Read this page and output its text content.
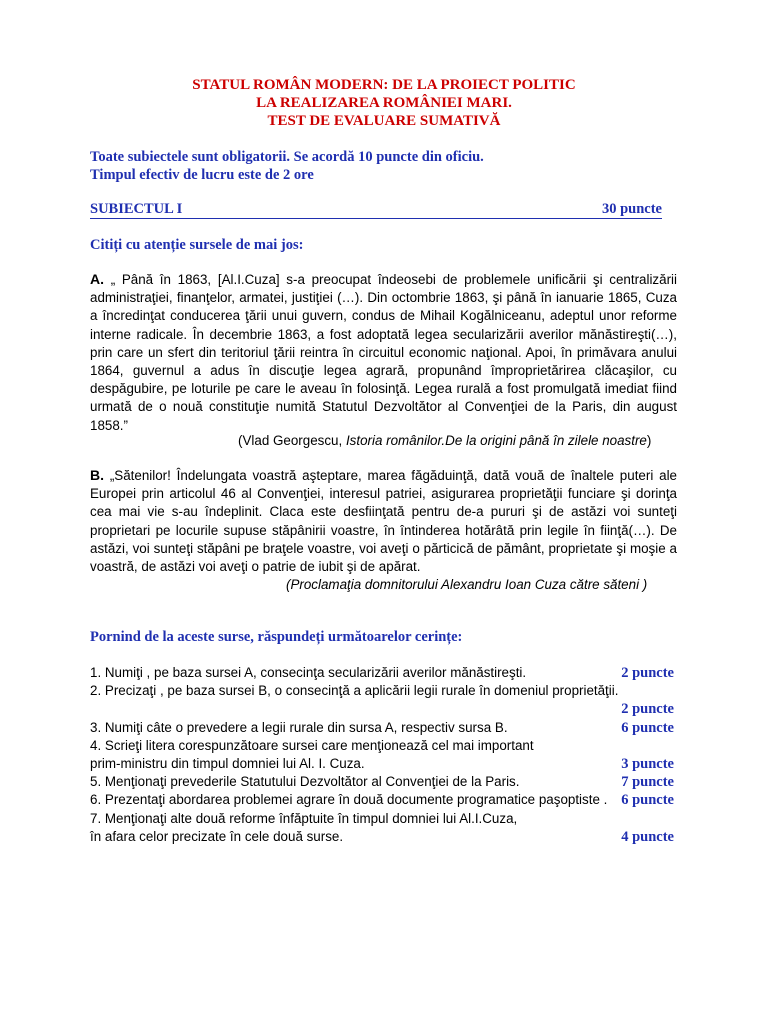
STATUL ROMÂN MODERN: DE LA PROIECT POLITIC
LA REALIZAREA ROMÂNIEI MARI.
TEST DE EVALUARE SUMATIVĂ
Toate subiectele sunt obligatorii. Se acordă 10 puncte din oficiu.
Timpul efectiv de lucru este de 2 ore
SUBIECTUL I	30 puncte
Citiți cu atenție sursele de mai jos:
A. „ Până în 1863, [Al.I.Cuza] s-a preocupat îndeosebi de problemele unificării şi centralizării administraţiei, finanţelor, armatei, justiţiei (…). Din octombrie 1863, şi până în ianuarie 1865, Cuza a încredinţat conducerea ţării unui guvern, condus de Mihail Kogălniceanu, adeptul unor reforme interne radicale. În decembrie 1863, a fost adoptată legea secularizării averilor mănăstireşti(…), prin care un sfert din teritoriul ţării reintra în circuitul economic naţional. Apoi, în primăvara anului 1864, guvernul a adus în discuţie legea agrară, propunând împroprietărirea clăcaşilor, cu despăgubire, pe loturile pe care le aveau în folosinţă. Legea rurală a fost promulgată imediat fiind urmată de o nouă constituţie numită Statutul Dezvoltător al Convenţiei de la Paris, din august 1858.”
(Vlad Georgescu, Istoria românilor.De la origini până în zilele noastre)
B. „Sătenilor! Îndelungata voastră aşteptare, marea făgăduinţă, dată vouă de înaltele puteri ale Europei prin articolul 46 al Convenţiei, interesul patriei, asigurarea proprietăţii funciare şi dorinţa cea mai vie s-au îndeplinit. Claca este desfiinţată pentru de-a pururi şi de astăzi voi sunteţi proprietari pe locurile supuse stăpânirii voastre, în întinderea hotărâtă prin legile în fiinţă(…). De astăzi, voi sunteţi stăpâni pe braţele voastre, voi aveţi o părticică de pământ, proprietate şi moşie a voastră, de astăzi voi aveţi o patrie de iubit şi de apărat.
(Proclamaţia domnitorului Alexandru Ioan Cuza către săteni )
Pornind de la aceste surse, răspundeți următoarelor cerințe:
1. Numiţi , pe baza sursei A, consecinţa secularizării averilor mănăstireşti.	2 puncte
2. Precizaţi , pe baza sursei B, o consecinţă a aplicării legii rurale în domeniul proprietăţii.
2 puncte
3. Numiţi câte o prevedere a legii rurale din sursa A, respectiv sursa B.	6 puncte
4. Scrieţi litera corespunzătoare sursei care menţionează cel mai important
prim-ministru din timpul domniei lui Al. I. Cuza.	3 puncte
5. Menţionaţi prevederile Statutului Dezvoltător al Convenţiei de la Paris.	7 puncte
6. Prezentaţi abordarea problemei agrare în două documente programatice paşoptiste . 6 puncte
7. Menţionaţi alte două reforme înfăptuite în timpul domniei lui Al.I.Cuza,
în afara celor precizate în cele două surse.	4 puncte
